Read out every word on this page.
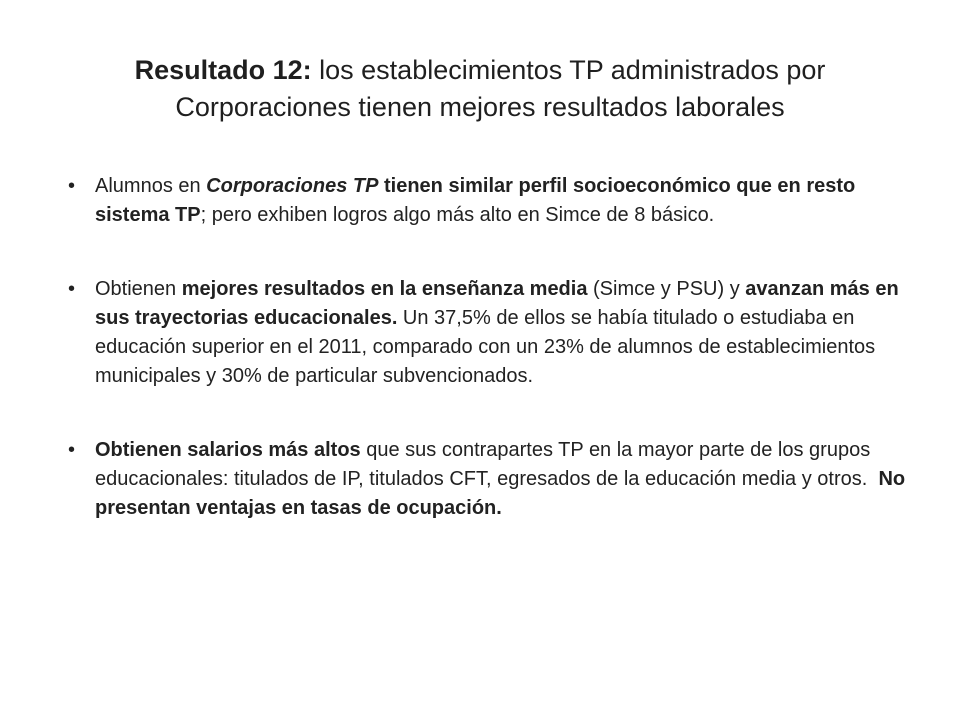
Resultado 12: los establecimientos TP administrados por Corporaciones tienen mejores resultados laborales
• Alumnos en Corporaciones TP tienen similar perfil socioeconómico que en resto sistema TP; pero exhiben logros algo más alto en Simce de 8 básico.
• Obtienen mejores resultados en la enseñanza media (Simce y PSU) y avanzan más en sus trayectorias educacionales. Un 37,5% de ellos se había titulado o estudiaba en educación superior en el 2011, comparado con un 23% de alumnos de establecimientos municipales y 30% de particular subvencionados.
• Obtienen salarios más altos que sus contrapartes TP en la mayor parte de los grupos educacionales: titulados de IP, titulados CFT, egresados de la educación media y otros.  No presentan ventajas en tasas de ocupación.
